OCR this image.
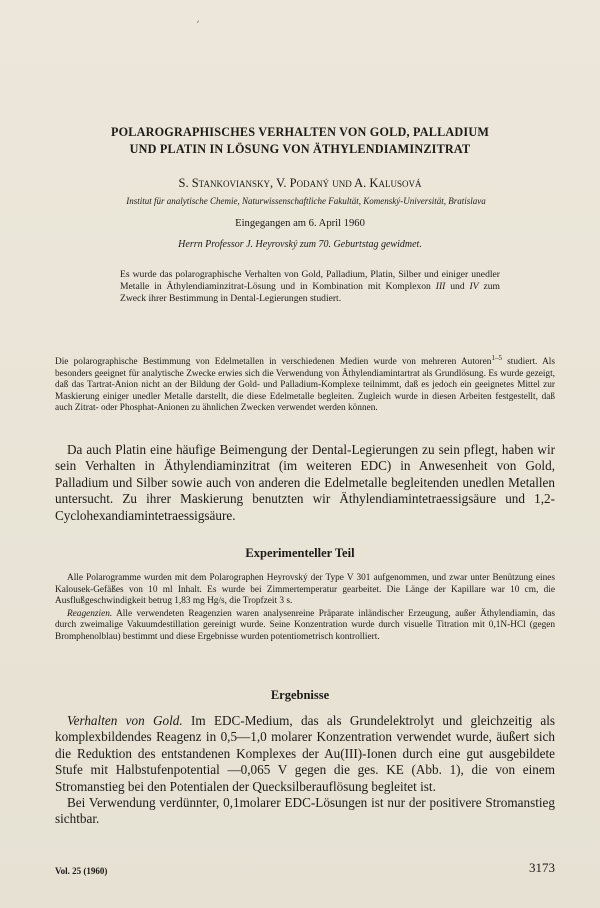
ʼ
POLAROGRAPHISCHES VERHALTEN VON GOLD, PALLADIUM
UND PLATIN IN LÖSUNG VON ÄTHYLENDIAMINZITRAT
S. Stankoviansky, V. Podaný und A. Kalusová
Institut für analytische Chemie, Naturwissenschaftliche Fakultät, Komenský-Universität, Bratislava
Eingegangen am 6. April 1960
Herrn Professor J. Heyrovský zum 70. Geburtstag gewidmet.
Es wurde das polarographische Verhalten von Gold, Palladium, Platin, Silber und einiger unedler Metalle in Äthylendiaminzitrat-Lösung und in Kombination mit Komplexon III und IV zum Zweck ihrer Bestimmung in Dental-Legierungen studiert.
Die polarographische Bestimmung von Edelmetallen in verschiedenen Medien wurde von mehreren Autoren$^{1-5}$ studiert. Als besonders geeignet für analytische Zwecke erwies sich die Verwendung von Äthylendiamintartrat als Grundlösung. Es wurde gezeigt, daß das Tartrat-Anion nicht an der Bildung der Gold- und Palladium-Komplexe teilnimmt, daß es jedoch ein geeignetes Mittel zur Maskierung einiger unedler Metalle darstellt, die diese Edelmetalle begleiten. Zugleich wurde in diesen Arbeiten festgestellt, daß auch Zitrat- oder Phosphat-Anionen zu ähnlichen Zwecken verwendet werden können.

Da auch Platin eine häufige Beimengung der Dental-Legierungen zu sein pflegt, haben wir sein Verhalten in Äthylendiaminzitrat (im weiteren EDC) in Anwesenheit von Gold, Palladium und Silber sowie auch von anderen die Edelmetalle begleitenden unedlen Metallen untersucht. Zu ihrer Maskierung benutzten wir Äthylendiamintetraessigsäure und 1,2-Cyclohexandiamintetraessigsäure.

Experimenteller Teil

Alle Polarogramme wurden mit dem Polarographen Heyrovský der Type V 301 aufgenommen, und zwar unter Benützung eines Kalousek-Gefäßes von 10 ml Inhalt. Es wurde bei Zimmertemperatur gearbeitet. Die Länge der Kapillare war 10 cm, die Ausflußgeschwindigkeit betrug 1,83 mg Hg/s, die Tropfzeit 3 s.

Reagenzien. Alle verwendeten Reagenzien waren analysenreine Präparate inländischer Erzeugung, außer Äthylendiamin, das durch zweimalige Vakuumdestillation gereinigt wurde. Seine Konzentration wurde durch visuelle Titration mit 0,1N-HCl (gegen Bromphenolblau) bestimmt und diese Ergebnisse wurden potentiometrisch kontrolliert.

Ergebnisse

Verhalten von Gold. Im EDC-Medium, das als Grundelektrolyt und gleichzeitig als komplexbildendes Reagenz in 0,5—1,0 molarer Konzentration verwendet wurde, äußert sich die Reduktion des entstandenen Komplexes der Au(III)-Ionen durch eine gut ausgebildete Stufe mit Halbstufenpotential —0,065 V gegen die ges. KE (Abb. 1), die von einem Stromanstieg bei den Potentialen der Quecksilberauflösung begleitet ist.

Bei Verwendung verdünnter, 0,1molarer EDC-Lösungen ist nur der positivere Stromanstieg sichtbar.

Vol. 25 (1960)	3173
